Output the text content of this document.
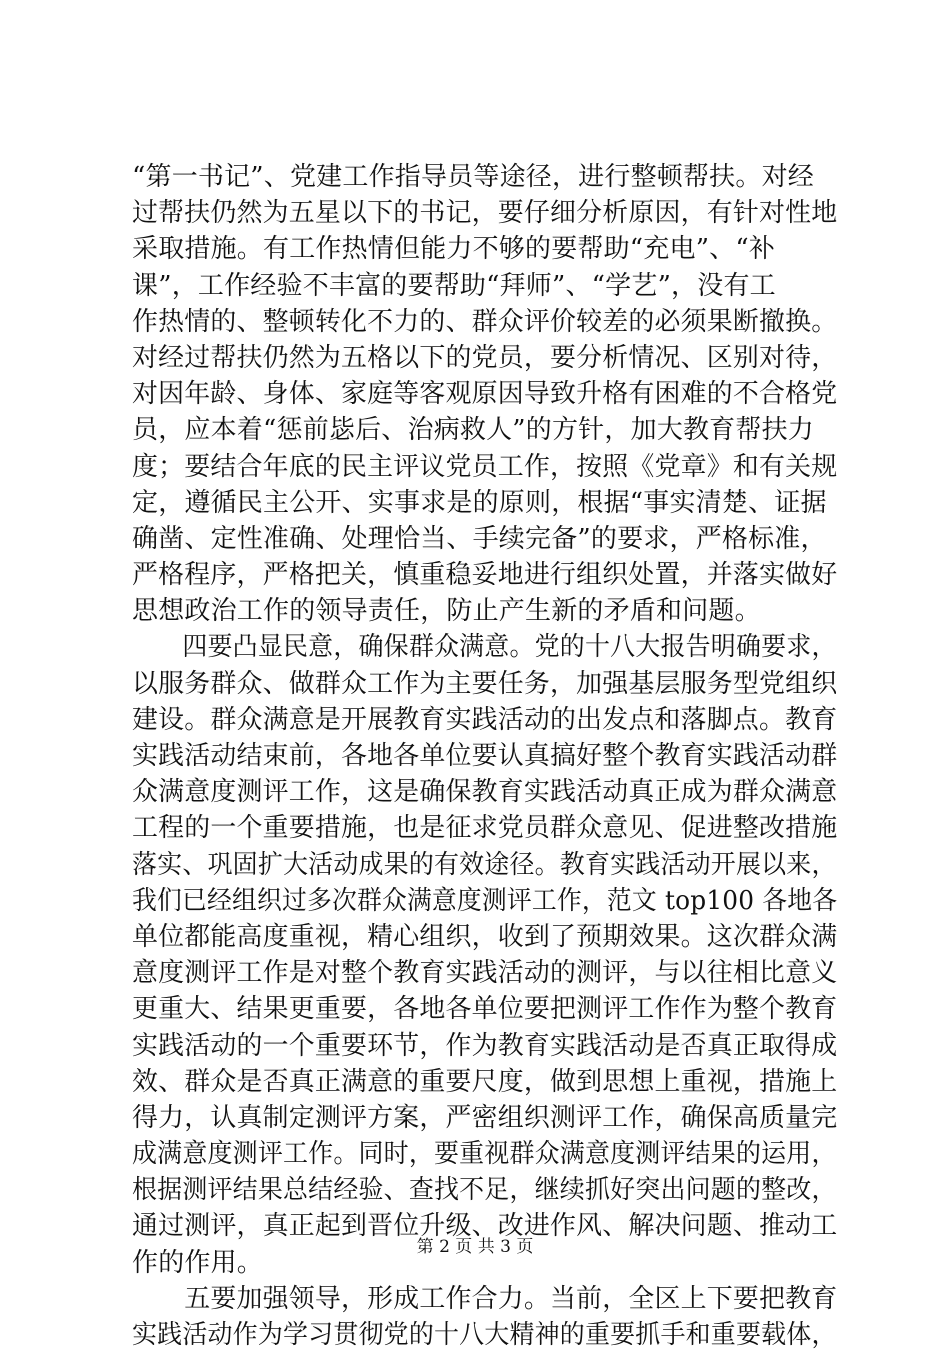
“第一书记”、党建工作指导员等途径，进行整顿帮扶。对经
过帮扶仍然为五星以下的书记，要仔细分析原因，有针对性地
采取措施。有工作热情但能力不够的要帮助“充电”、“补
课”，工作经验不丰富的要帮助“拜师”、“学艺”，没有工
作热情的、整顿转化不力的、群众评价较差的必须果断撤换。
对经过帮扶仍然为五格以下的党员，要分析情况、区别对待，
对因年龄、身体、家庭等客观原因导致升格有困难的不合格党
员，应本着“惩前毖后、治病救人”的方针，加大教育帮扶力
度；要结合年底的民主评议党员工作，按照《党章》和有关规
定，遵循民主公开、实事求是的原则，根据“事实清楚、证据
确凿、定性准确、处理恰当、手续完备”的要求，严格标准，
严格程序，严格把关，慎重稳妥地进行组织处置，并落实做好
思想政治工作的领导责任，防止产生新的矛盾和问题。
　　四要凸显民意，确保群众满意。党的十八大报告明确要求，
以服务群众、做群众工作为主要任务，加强基层服务型党组织
建设。群众满意是开展教育实践活动的出发点和落脚点。教育
实践活动结束前，各地各单位要认真搞好整个教育实践活动群
众满意度测评工作，这是确保教育实践活动真正成为群众满意
工程的一个重要措施，也是征求党员群众意见、促进整改措施
落实、巩固扩大活动成果的有效途径。教育实践活动开展以来，
我们已经组织过多次群众满意度测评工作，范文 top100 各地各
单位都能高度重视，精心组织，收到了预期效果。这次群众满
意度测评工作是对整个教育实践活动的测评，与以往相比意义
更重大、结果更重要，各地各单位要把测评工作作为整个教育
实践活动的一个重要环节，作为教育实践活动是否真正取得成
效、群众是否真正满意的重要尺度，做到思想上重视，措施上
得力，认真制定测评方案，严密组织测评工作，确保高质量完
成满意度测评工作。同时，要重视群众满意度测评结果的运用，
根据测评结果总结经验、查找不足，继续抓好突出问题的整改，
通过测评，真正起到晋位升级、改进作风、解决问题、推动工
作的作用。
　　五要加强领导，形成工作合力。当前，全区上下要把教育
实践活动作为学习贯彻党的十八大精神的重要抓手和重要载体，
第 2 页 共 3 页
